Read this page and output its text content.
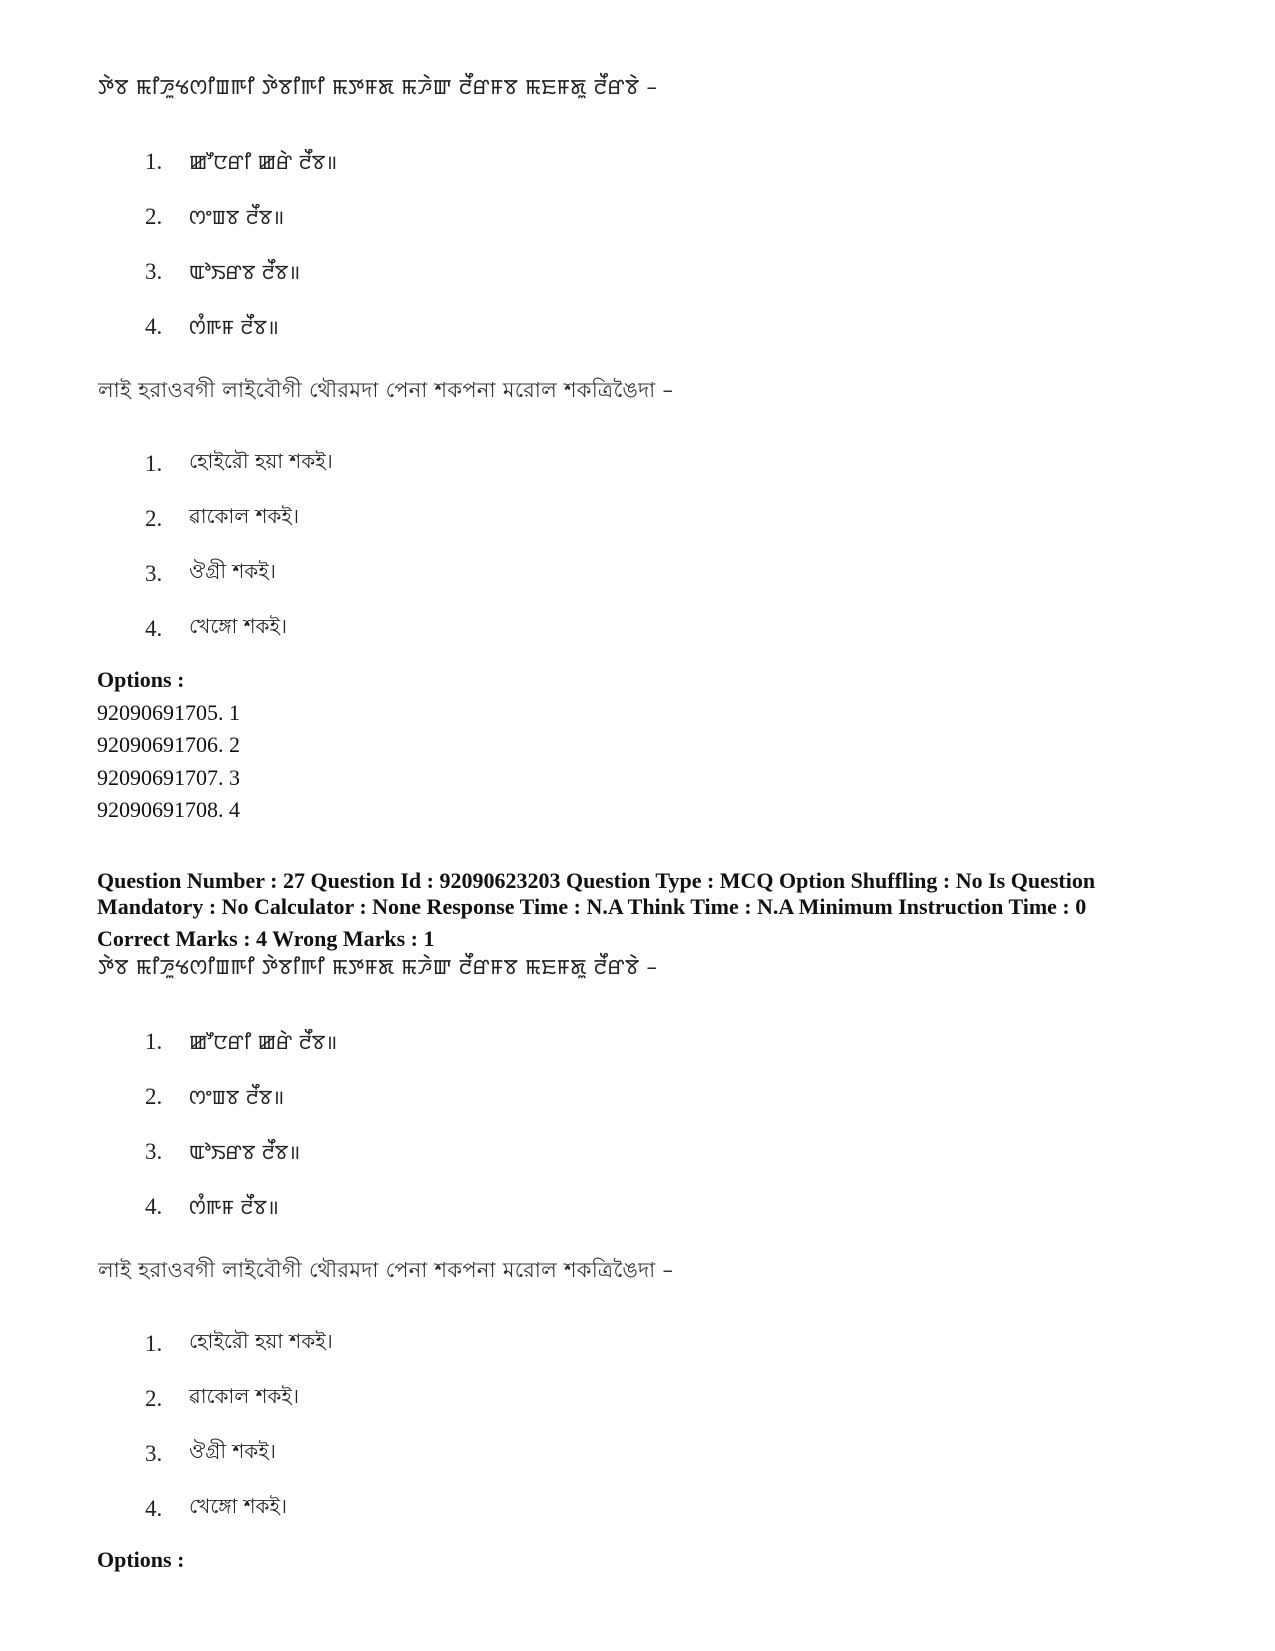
ꯇꯥꯕ ꯃꯤꯍꯨꯠꯁꯤꯡꯒꯤ ꯇꯥꯕꯤꯒꯤ ꯃꯇꯝꯗ ꯃꯍꯥꯛ ꯂꯩꯔꯝꯕ ꯃꯐꯝꯗꯨ ꯂꯩꯔꯕꯥ –
1.	ꯀꯧꯅꯔꯤ ꯀꯔꯥ ꯂꯩꯕ॥
2.	ꯁꯦꯡꯕ ꯂꯩꯕ॥
3.	ꯑꯣꯏꯔꯕ ꯂꯩꯕ॥
4.	ꯁꯪꯒꯝ ꯂꯩꯕ॥
লাই হরাওবগী লাইবৌগী থৌরমদা পেনা শকপনা মরোল শকত্রিঙৈদা –
1.	হোইরৌ হয়া শকই।
2.	ৱাকোল শকই।
3.	ঔগ্রী শকই।
4.	খেঙ্গো শকই।
Options :
92090691705. 1
92090691706. 2
92090691707. 3
92090691708. 4
Question Number : 27 Question Id : 92090623203 Question Type : MCQ Option Shuffling : No Is Question
Mandatory : No Calculator : None Response Time : N.A Think Time : N.A Minimum Instruction Time : 0
Correct Marks : 4 Wrong Marks : 1
ꯇꯥꯕ ꯃꯤꯍꯨꯠꯁꯤꯡꯒꯤ ꯇꯥꯕꯤꯒꯤ ꯃꯇꯝꯗ ꯃꯍꯥꯛ ꯂꯩꯔꯝꯕ ꯃꯐꯝꯗꯨ ꯂꯩꯔꯕꯥ –
1.	ꯀꯧꯅꯔꯤ ꯀꯔꯥ ꯂꯩꯕ॥
2.	ꯁꯦꯡꯕ ꯂꯩꯕ॥
3.	ꯑꯣꯏꯔꯕ ꯂꯩꯕ॥
4.	ꯁꯪꯒꯝ ꯂꯩꯕ॥
লাই হরাওবগী লাইবৌগী থৌরমদা পেনা শকপনা মরোল শকত্রিঙৈদা –
1.	হোইরৌ হয়া শকই।
2.	ৱাকোল শকই।
3.	ঔগ্রী শকই।
4.	খেঙ্গো শকই।
Options :
